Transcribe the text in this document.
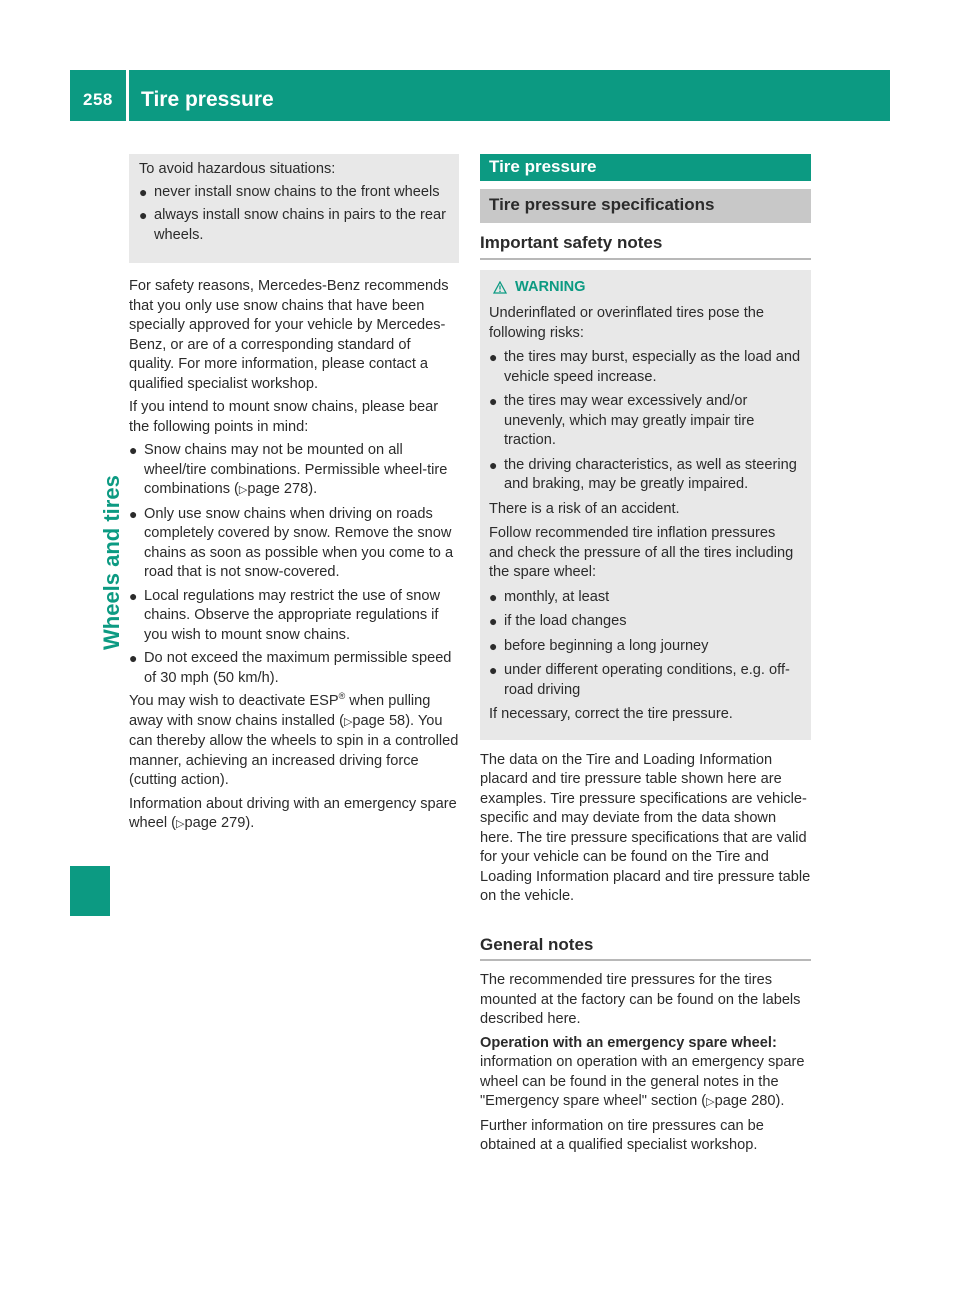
258 Tire pressure
Wheels and tires

To avoid hazardous situations:

● never install snow chains to the front wheels
● always install snow chains in pairs to the rear wheels.

For safety reasons, Mercedes-Benz recommends that you only use snow chains that have been specially approved for your vehicle by Mercedes-Benz, or are of a corresponding standard of quality. For more information, please contact a qualified specialist workshop.

If you intend to mount snow chains, please bear the following points in mind:

● Snow chains may not be mounted on all wheel/tire combinations. Permissible wheel-tire combinations (▷page 278).
● Only use snow chains when driving on roads completely covered by snow. Remove the snow chains as soon as possible when you come to a road that is not snow-covered.
● Local regulations may restrict the use of snow chains. Observe the appropriate regulations if you wish to mount snow chains.
● Do not exceed the maximum permissible speed of 30 mph (50 km/h).

You may wish to deactivate ESP® when pulling away with snow chains installed (▷page 58). You can thereby allow the wheels to spin in a controlled manner, achieving an increased driving force (cutting action).

Information about driving with an emergency spare wheel (▷page 279).

Tire pressure
Tire pressure specifications
Important safety notes
WARNING

Underinflated or overinflated tires pose the following risks:

● the tires may burst, especially as the load and vehicle speed increase.
● the tires may wear excessively and/or unevenly, which may greatly impair tire traction.
● the driving characteristics, as well as steering and braking, may be greatly impaired.

There is a risk of an accident.

Follow recommended tire inflation pressures and check the pressure of all the tires including the spare wheel:

● monthly, at least
● if the load changes
● before beginning a long journey
● under different operating conditions, e.g. off-road driving

If necessary, correct the tire pressure.

The data on the Tire and Loading Information placard and tire pressure table shown here are examples. Tire pressure specifications are vehicle-specific and may deviate from the data shown here. The tire pressure specifications that are valid for your vehicle can be found on the Tire and Loading Information placard and tire pressure table on the vehicle.

General notes

The recommended tire pressures for the tires mounted at the factory can be found on the labels described here.

Operation with an emergency spare wheel: information on operation with an emergency spare wheel can be found in the general notes in the "Emergency spare wheel" section (▷page 280).

Further information on tire pressures can be obtained at a qualified specialist workshop.
